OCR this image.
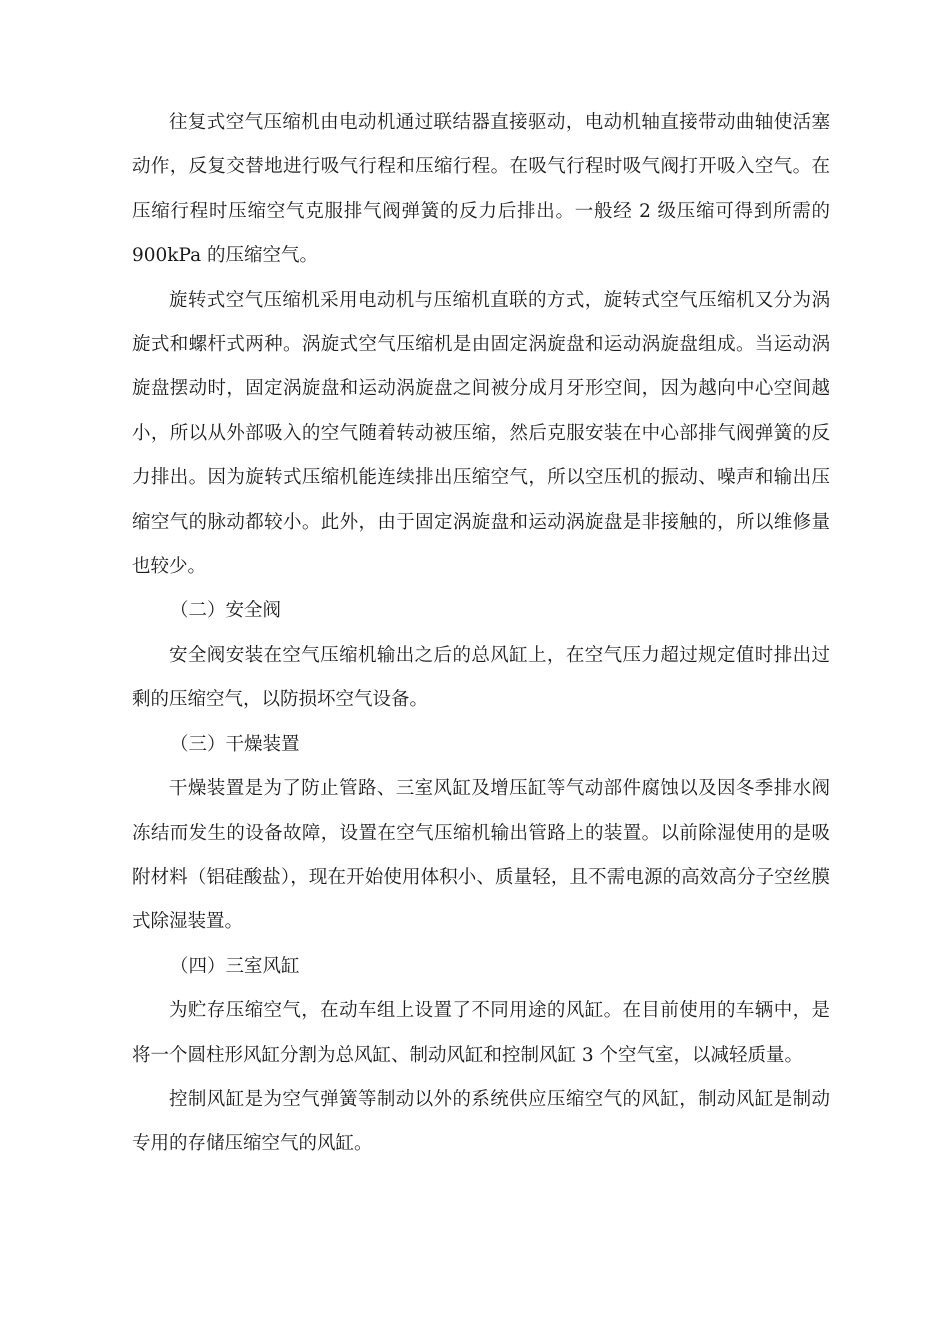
往复式空气压缩机由电动机通过联结器直接驱动，电动机轴直接带动曲轴使活塞动作，反复交替地进行吸气行程和压缩行程。在吸气行程时吸气阀打开吸入空气。在压缩行程时压缩空气克服排气阀弹簧的反力后排出。一般经 2 级压缩可得到所需的 900kPa 的压缩空气。

旋转式空气压缩机采用电动机与压缩机直联的方式，旋转式空气压缩机又分为涡旋式和螺杆式两种。涡旋式空气压缩机是由固定涡旋盘和运动涡旋盘组成。当运动涡旋盘摆动时，固定涡旋盘和运动涡旋盘之间被分成月牙形空间，因为越向中心空间越小，所以从外部吸入的空气随着转动被压缩，然后克服安装在中心部排气阀弹簧的反力排出。因为旋转式压缩机能连续排出压缩空气，所以空压机的振动、噪声和输出压缩空气的脉动都较小。此外，由于固定涡旋盘和运动涡旋盘是非接触的，所以维修量也较少。

（二）安全阀

安全阀安装在空气压缩机输出之后的总风缸上，在空气压力超过规定值时排出过剩的压缩空气，以防损坏空气设备。

（三）干燥装置

干燥装置是为了防止管路、三室风缸及增压缸等气动部件腐蚀以及因冬季排水阀冻结而发生的设备故障，设置在空气压缩机输出管路上的装置。以前除湿使用的是吸附材料（铝硅酸盐），现在开始使用体积小、质量轻，且不需电源的高效高分子空丝膜式除湿装置。

（四）三室风缸

为贮存压缩空气，在动车组上设置了不同用途的风缸。在目前使用的车辆中，是将一个圆柱形风缸分割为总风缸、制动风缸和控制风缸 3 个空气室，以减轻质量。

控制风缸是为空气弹簧等制动以外的系统供应压缩空气的风缸，制动风缸是制动专用的存储压缩空气的风缸。
